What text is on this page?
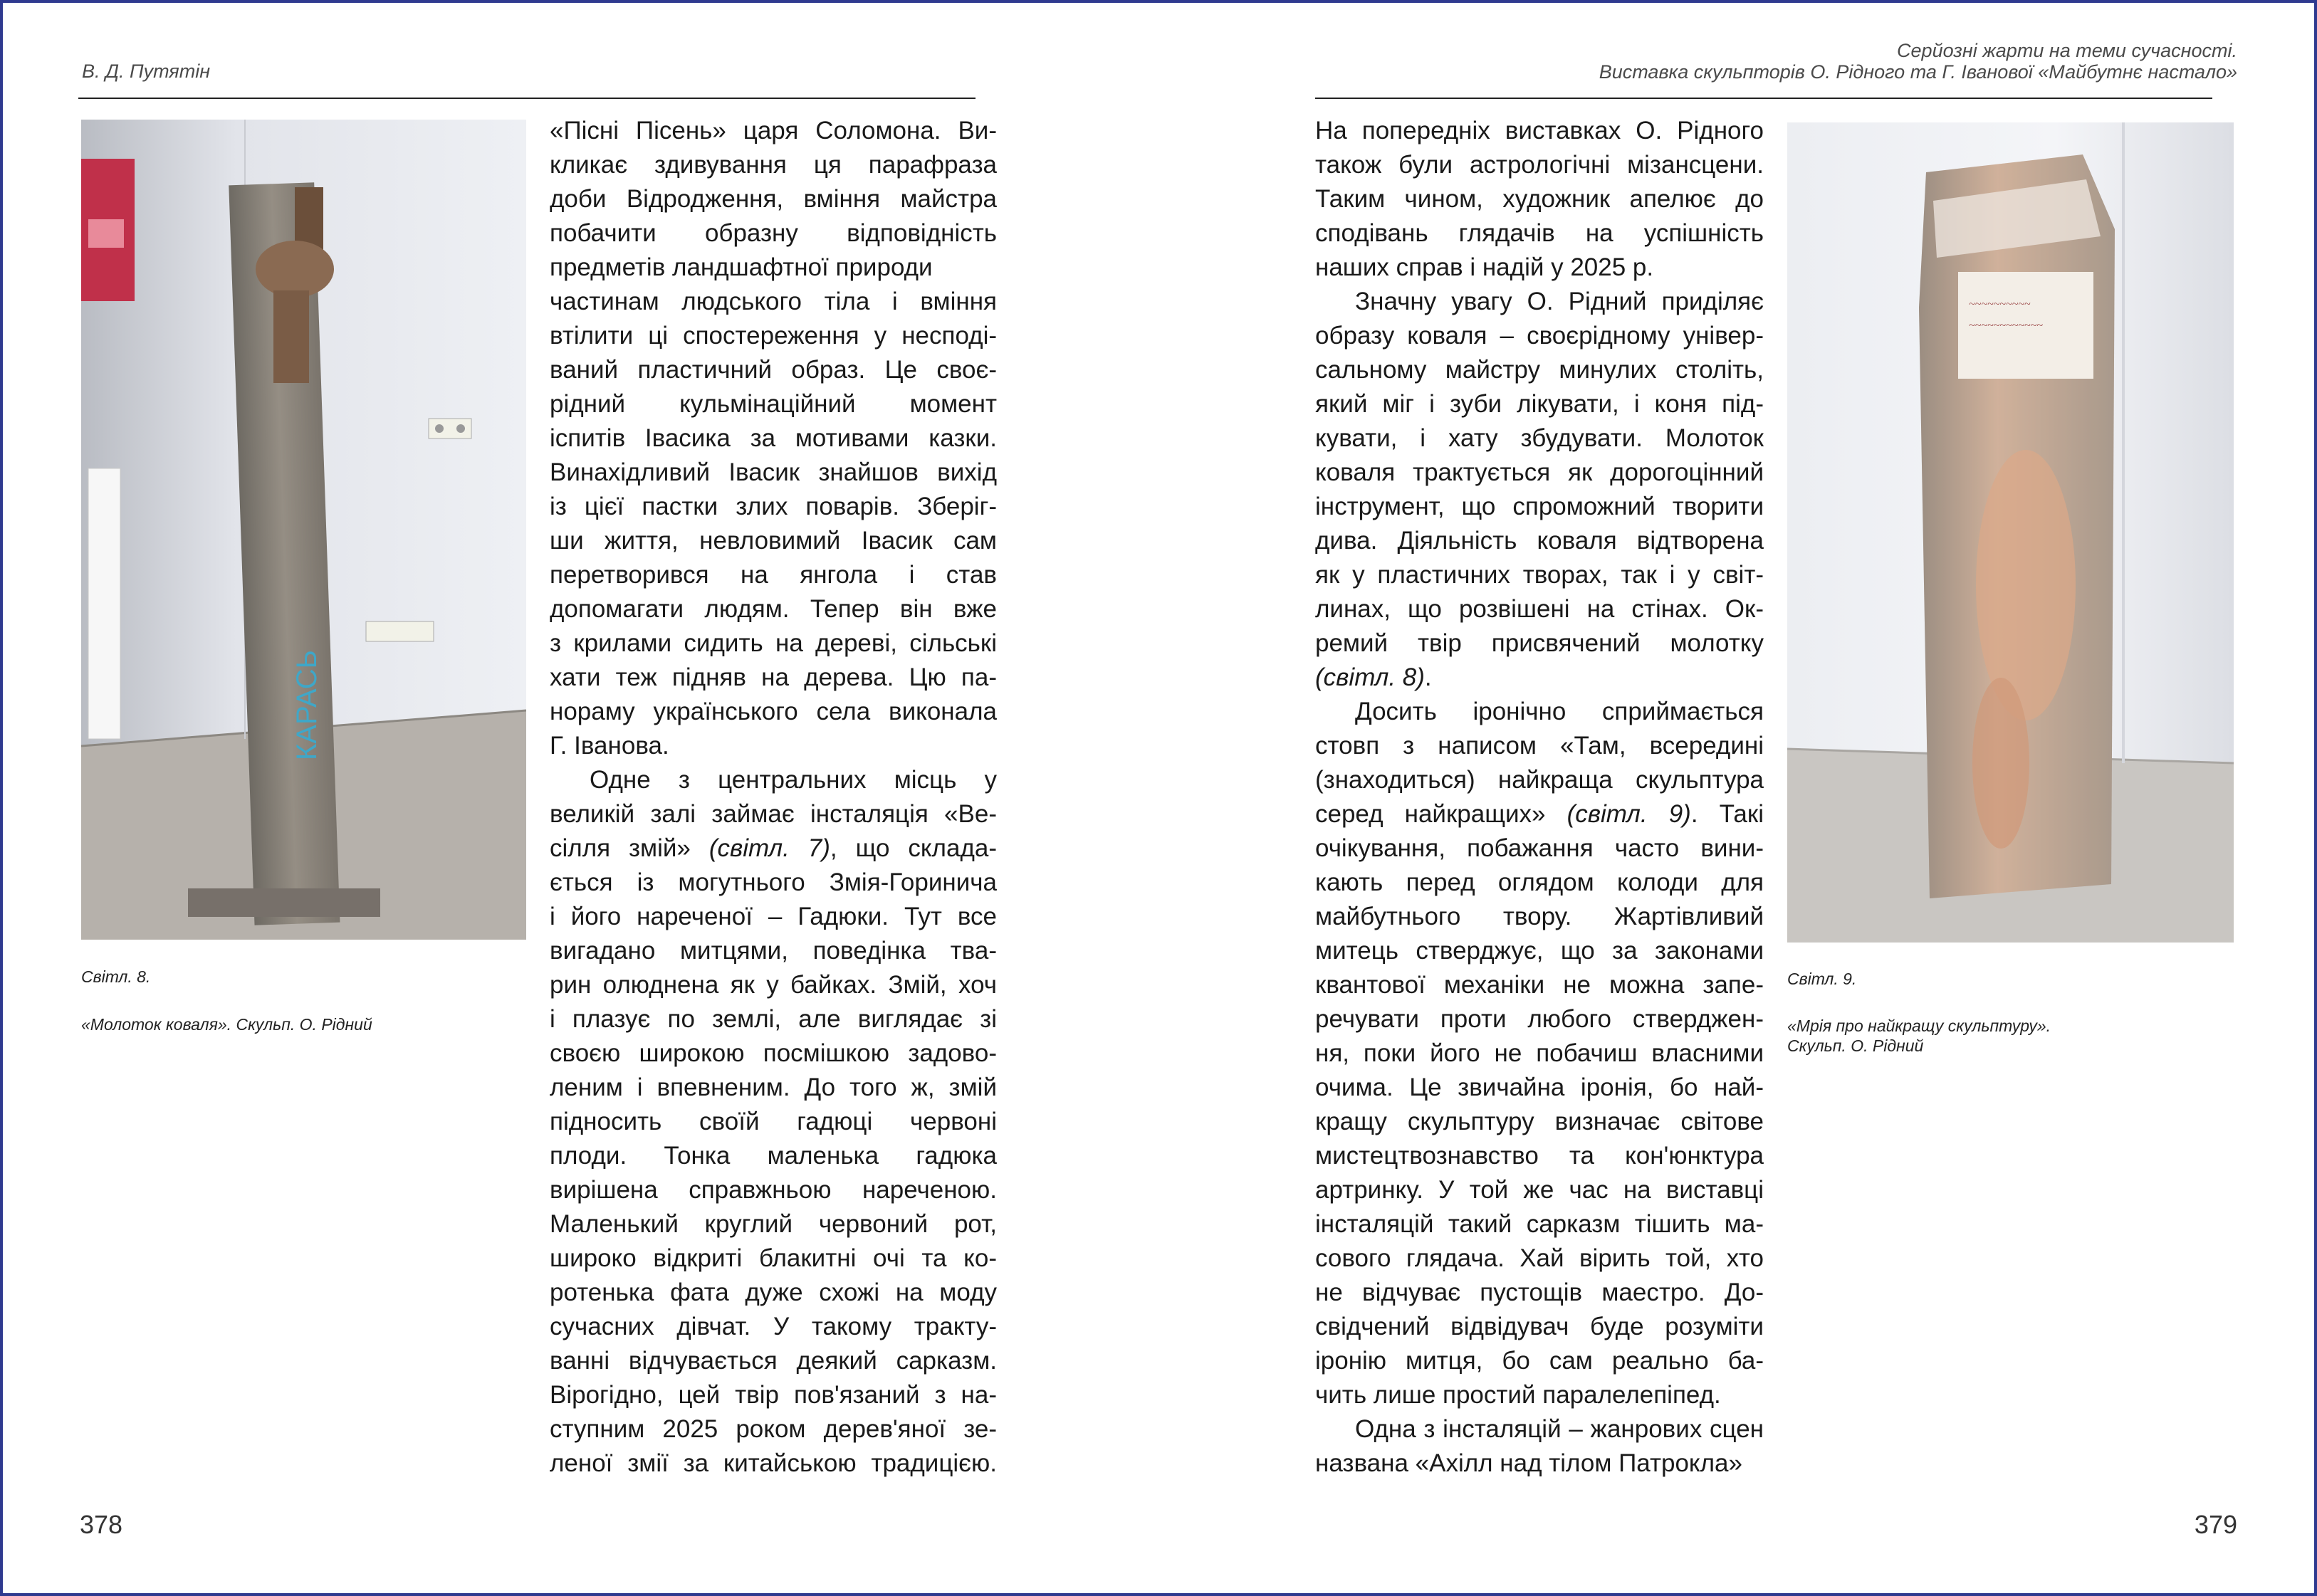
В. Д. Путятін
КАРАСЬ
Світл. 8.
«Молоток коваля». Скульп. О. Рідний
«Пісні Пісень» царя Соломона. Ви-
кликає здивування ця парафраза
доби Відродження, вміння майстра
побачити образну відповідність
предметів ландшафтної природи
частинам людського тіла і вміння
втілити ці спостереження у несподі-
ваний пластичний образ. Це своє-
рідний кульмінаційний момент
іспитів Івасика за мотивами казки.
Винахідливий Івасик знайшов вихід
із цієї пастки злих поварів. Зберіг-
ши життя, невловимий Івасик сам
перетворився на янгола і став
допомагати людям. Тепер він вже
з крилами сидить на дереві, сільські
хати теж підняв на дерева. Цю па-
нораму українського села виконала
Г. Іванова.
Одне з центральних місць у
великій залі займає інсталяція «Ве-
сілля змій» (світл. 7), що склада-
ється із могутнього Змія-Горинича
і його нареченої – Гадюки. Тут все
вигадано митцями, поведінка тва-
рин олюднена як у байках. Змій, хоч
і плазує по землі, але виглядає зі
своєю широкою посмішкою задово-
леним і впевненим. До того ж, змій
підносить своїй гадюці червоні
плоди. Тонка маленька гадюка
вирішена справжньою нареченою.
Маленький круглий червоний рот,
широко відкриті блакитні очі та ко-
ротенька фата дуже схожі на моду
сучасних дівчат. У такому тракту-
ванні відчувається деякий сарказм.
Вірогідно, цей твір пов'язаний з на-
ступним 2025 роком дерев'яної зе-
леної змії за китайською традицією.
378
Серйозні жарти на теми сучасності.
Виставка скульпторів О. Рідного та Г. Іванової «Майбутнє настало»
На попередніх виставках О. Рідного
також були астрологічні мізансцени.
Таким чином, художник апелює до
сподівань глядачів на успішність
наших справ і надій у 2025 р.
Значну увагу О. Рідний приділяє
образу коваля – своєрідному універ-
сальному майстру минулих століть,
який міг і зуби лікувати, і коня під-
кувати, і хату збудувати. Молоток
коваля трактується як дорогоцінний
інструмент, що спроможний творити
дива. Діяльність коваля відтворена
як у пластичних творах, так і у світ-
линах, що розвішені на стінах. Ок-
ремий твір присвячений молотку
(світл. 8).
Досить іронічно сприймається
стовп з написом «Там, всередині
(знаходиться) найкраща скульптура
серед найкращих» (світл. 9). Такі
очікування, побажання часто вини-
кають перед оглядом колоди для
майбутнього твору. Жартівливий
митець стверджує, що за законами
квантової механіки не можна запе-
речувати проти любого стверджен-
ня, поки його не побачиш власними
очима. Це звичайна іронія, бо най-
кращу скульптуру визначає світове
мистецтвознавство та кон'юнктура
артринку. У той же час на виставці
інсталяцій такий сарказм тішить ма-
сового глядача. Хай вірить той, хто
не відчуває пустощів маестро. До-
свідчений відвідувач буде розуміти
іронію митця, бо сам реально ба-
чить лише простий паралелепіпед.
Одна з інсталяцій – жанрових сцен
названа «Ахілл над тілом Патрокла»
~~~~~~~~~~
~~~~~~~~~~~~
Світл. 9.
«Мрія про найкращу скульптуру».
Скульп. О. Рідний
379
